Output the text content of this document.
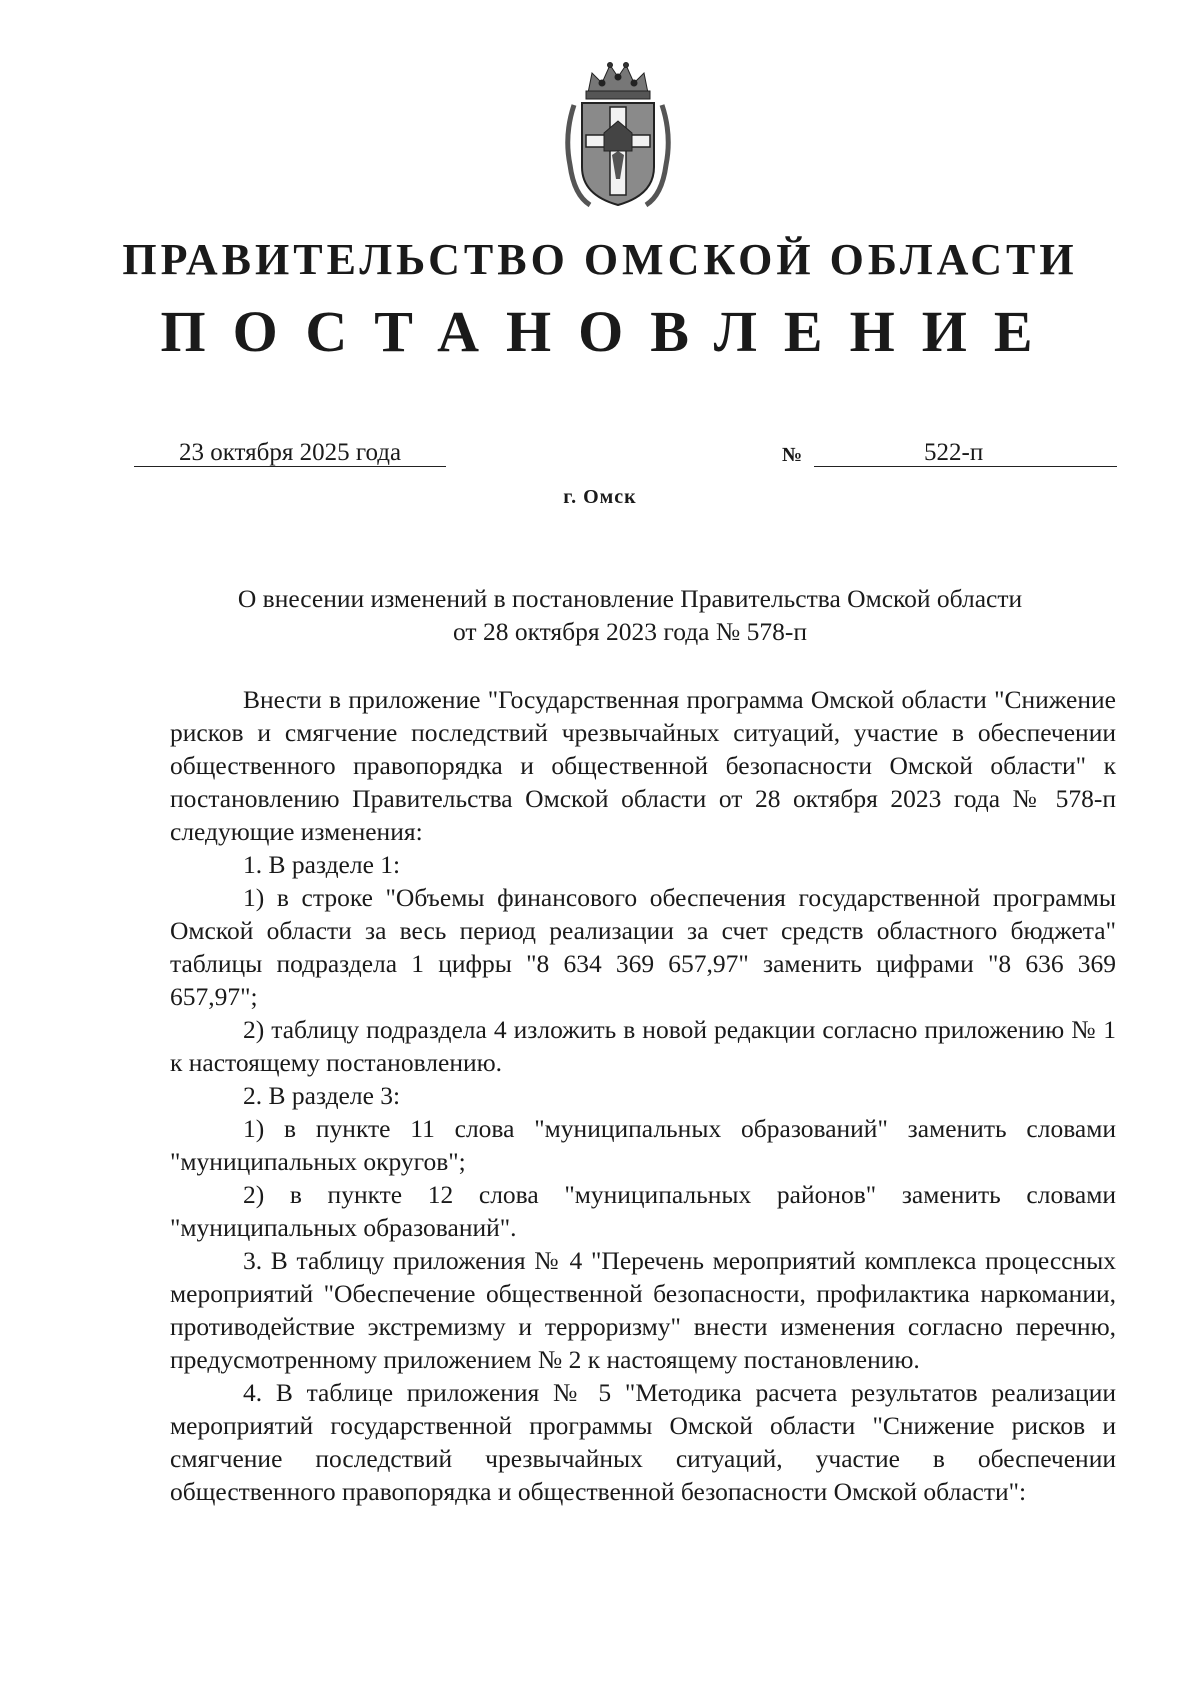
ПРАВИТЕЛЬСТВО ОМСКОЙ ОБЛАСТИ
ПОСТАНОВЛЕНИЕ
23 октября 2025 года	№	522-п
г. Омск
О внесении изменений в постановление Правительства Омской области
от 28 октября 2023 года № 578-п

Внести в приложение "Государственная программа Омской области "Снижение рисков и смягчение последствий чрезвычайных ситуаций, участие в обеспечении общественного правопорядка и общественной безопасности Омской области" к постановлению Правительства Омской области от 28 октября 2023 года № 578-п следующие изменения:

1. В разделе 1:

1) в строке "Объемы финансового обеспечения государственной программы Омской области за весь период реализации за счет средств областного бюджета" таблицы подраздела 1 цифры "8 634 369 657,97" заменить цифрами "8 636 369 657,97";

2) таблицу подраздела 4 изложить в новой редакции согласно приложению № 1 к настоящему постановлению.

2. В разделе 3:

1) в пункте 11 слова "муниципальных образований" заменить словами "муниципальных округов";

2) в пункте 12 слова "муниципальных районов" заменить словами "муниципальных образований".

3. В таблицу приложения № 4 "Перечень мероприятий комплекса процессных мероприятий "Обеспечение общественной безопасности, профилактика наркомании, противодействие экстремизму и терроризму" внести изменения согласно перечню, предусмотренному приложением № 2 к настоящему постановлению.

4. В таблице приложения № 5 "Методика расчета результатов реализации мероприятий государственной программы Омской области "Снижение рисков и смягчение последствий чрезвычайных ситуаций, участие в обеспечении общественного правопорядка и общественной безопасности Омской области":
